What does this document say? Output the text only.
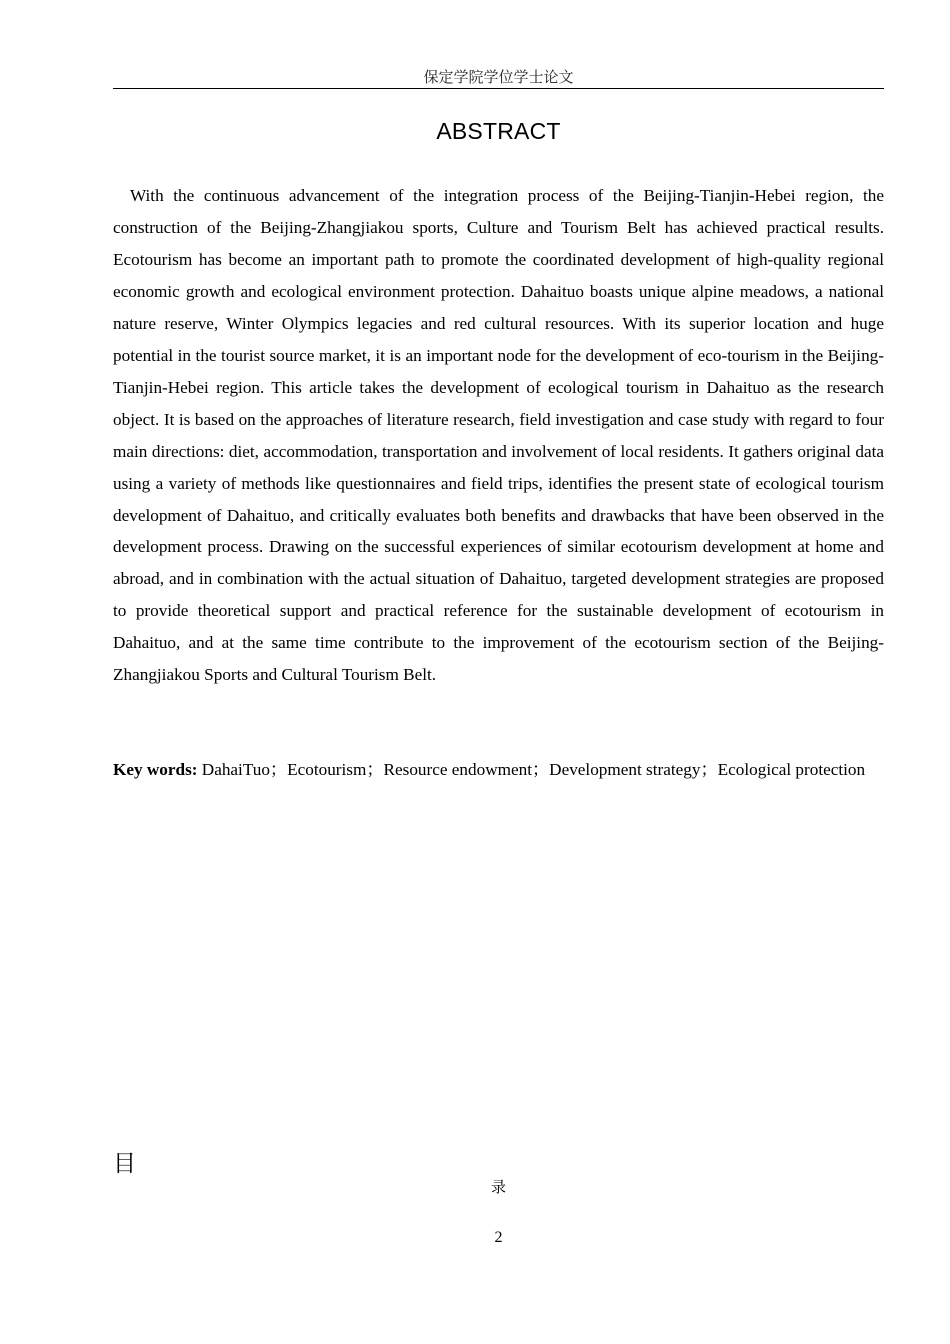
保定学院学位学士论文
ABSTRACT

With the continuous advancement of the integration process of the Beijing-Tianjin-Hebei region, the construction of the Beijing-Zhangjiakou sports, Culture and Tourism Belt has achieved practical results. Ecotourism has become an important path to promote the coordinated development of high-quality regional economic growth and ecological environment protection. Dahaituo boasts unique alpine meadows, a national nature reserve, Winter Olympics legacies and red cultural resources. With its superior location and huge potential in the tourist source market, it is an important node for the development of eco-tourism in the Beijing-Tianjin-Hebei region. This article takes the development of ecological tourism in Dahaituo as the research object. It is based on the approaches of literature research, field investigation and case study with regard to four main directions: diet, accommodation, transportation and involvement of local residents. It gathers original data using a variety of methods like questionnaires and field trips, identifies the present state of ecological tourism development of Dahaituo, and critically evaluates both benefits and drawbacks that have been observed in the development process. Drawing on the successful experiences of similar ecotourism development at home and abroad, and in combination with the actual situation of Dahaituo, targeted development strategies are proposed to provide theoretical support and practical reference for the sustainable development of ecotourism in Dahaituo, and at the same time contribute to the improvement of the ecotourism section of the Beijing-Zhangjiakou Sports and Cultural Tourism Belt.

Key words: DahaiTuo；Ecotourism；Resource endowment；Development strategy；Ecological protection

目
录
2
